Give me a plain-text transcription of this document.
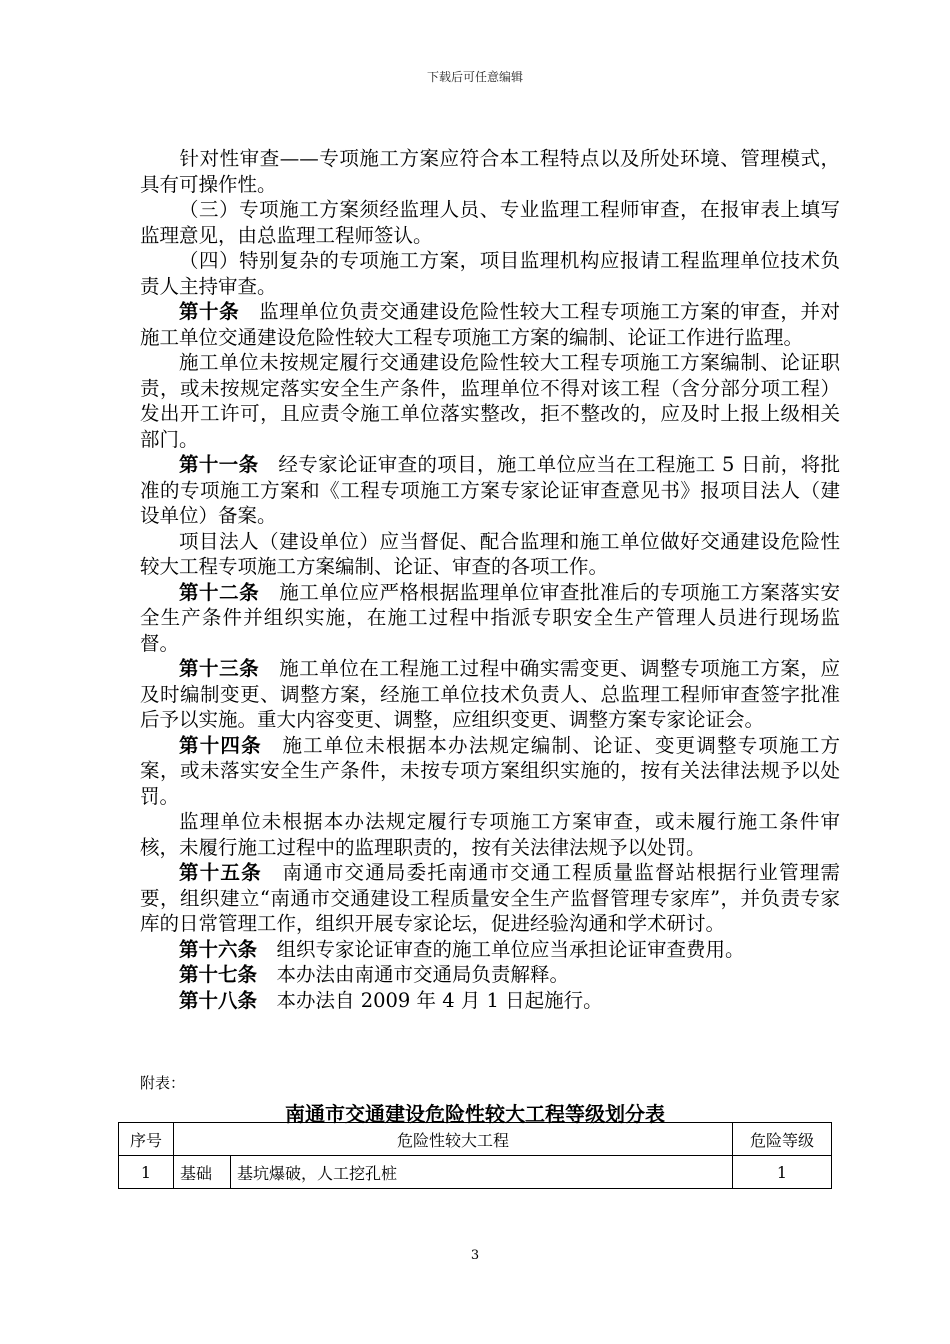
下载后可任意编辑

针对性审查——专项施工方案应符合本工程特点以及所处环境、管理模式，具有可操作性。

（三）专项施工方案须经监理人员、专业监理工程师审查，在报审表上填写监理意见，由总监理工程师签认。

（四）特别复杂的专项施工方案，项目监理机构应报请工程监理单位技术负责人主持审查。

第十条 监理单位负责交通建设危险性较大工程专项施工方案的审查，并对施工单位交通建设危险性较大工程专项施工方案的编制、论证工作进行监理。

施工单位未按规定履行交通建设危险性较大工程专项施工方案编制、论证职责，或未按规定落实安全生产条件，监理单位不得对该工程（含分部分项工程）发出开工许可，且应责令施工单位落实整改，拒不整改的，应及时上报上级相关部门。

第十一条 经专家论证审查的项目，施工单位应当在工程施工 5 日前，将批准的专项施工方案和《工程专项施工方案专家论证审查意见书》报项目法人（建设单位）备案。

项目法人（建设单位）应当督促、配合监理和施工单位做好交通建设危险性较大工程专项施工方案编制、论证、审查的各项工作。

第十二条 施工单位应严格根据监理单位审查批准后的专项施工方案落实安全生产条件并组织实施，在施工过程中指派专职安全生产管理人员进行现场监督。

第十三条 施工单位在工程施工过程中确实需变更、调整专项施工方案，应及时编制变更、调整方案，经施工单位技术负责人、总监理工程师审查签字批准后予以实施。重大内容变更、调整，应组织变更、调整方案专家论证会。

第十四条 施工单位未根据本办法规定编制、论证、变更调整专项施工方案，或未落实安全生产条件，未按专项方案组织实施的，按有关法律法规予以处罚。

监理单位未根据本办法规定履行专项施工方案审查，或未履行施工条件审核，未履行施工过程中的监理职责的，按有关法律法规予以处罚。

第十五条 南通市交通局委托南通市交通工程质量监督站根据行业管理需要，组织建立“南通市交通建设工程质量安全生产监督管理专家库”，并负责专家库的日常管理工作，组织开展专家论坛，促进经验沟通和学术研讨。

第十六条 组织专家论证审查的施工单位应当承担论证审查费用。

第十七条 本办法由南通市交通局负责解释。

第十八条 本办法自 2009 年 4 月 1 日起施行。

附表：
南通市交通建设危险性较大工程等级划分表
序号	危险性较大工程		危险等级
1	基础	基坑爆破，人工挖孔桩	1
3
